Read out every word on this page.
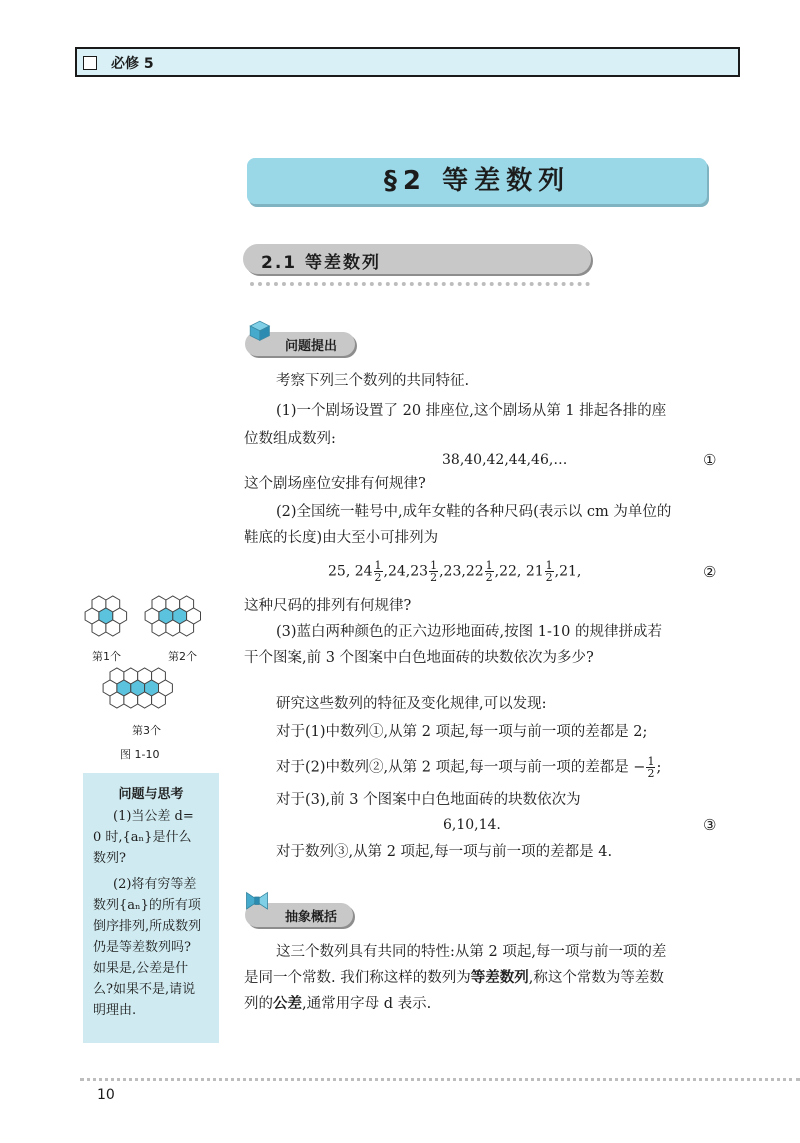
必修 5
§2 等差数列
2.1 等差数列
问题提出
考察下列三个数列的共同特征.
(1)一个剧场设置了 20 排座位,这个剧场从第 1 排起各排的座
位数组成数列:
38,40,42,44,46,…	①
这个剧场座位安排有何规律?
(2)全国统一鞋号中,成年女鞋的各种尺码(表示以 cm 为单位的
鞋底的长度)由大至小可排列为
25, $24 \frac{1}{2} ,24,23 \frac{1}{2} ,23,22 \frac{1}{2} ,22$, $21 \frac{1}{2} ,21$,	②
这种尺码的排列有何规律?
(3)蓝白两种颜色的正六边形地面砖,按图 1-10 的规律拼成若
干个图案,前 3 个图案中白色地面砖的块数依次为多少?
研究这些数列的特征及变化规律,可以发现:
对于(1)中数列①,从第 2 项起,每一项与前一项的差都是 2;
对于(2)中数列②,从第 2 项起,每一项与前一项的差都是 − $\frac{1}{2}$ ;
对于(3),前 3 个图案中白色地面砖的块数依次为
6,10,14.	③
对于数列③,从第 2 项起,每一项与前一项的差都是 4.
抽象概括
这三个数列具有共同的特性:从第 2 项起,每一项与前一项的差
是同一个常数. 我们称这样的数列为等差数列,称这个常数为等差数
列的公差,通常用字母 d 表示.
第1个	第2个
第3个
图 1-10
问题与思考
(1)当公差 d=
0 时,{aₙ}是什么
数列?
(2)将有穷等差
数列{aₙ}的所有项
倒序排列,所成数列
仍是等差数列吗?
如果是,公差是什
么?如果不是,请说
明理由.
10
